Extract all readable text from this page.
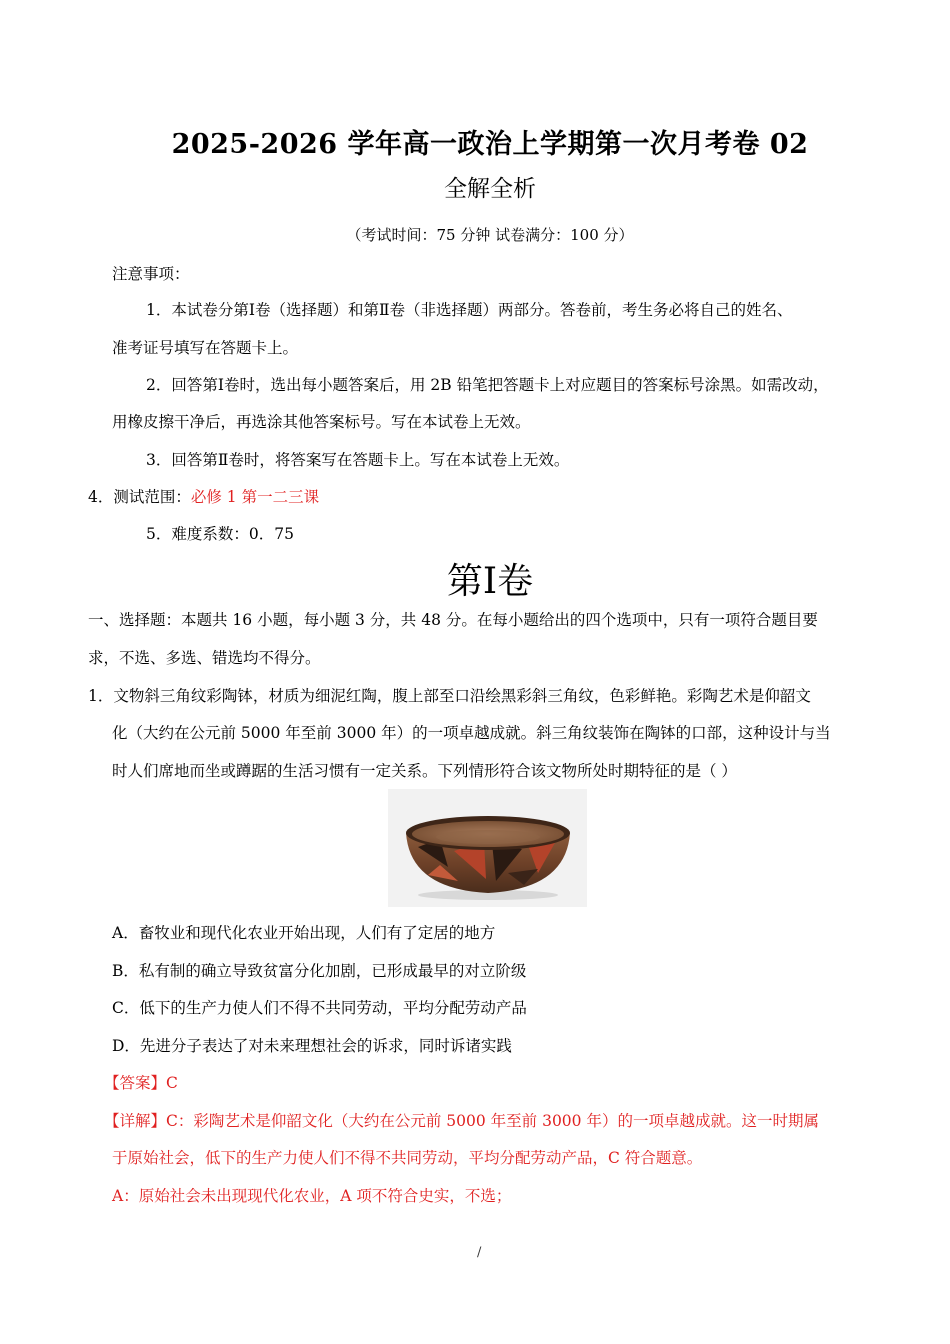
2025-2026 学年高一政治上学期第一次月考卷 02
全解全析
（考试时间：75 分钟 试卷满分：100 分）
注意事项：
1．本试卷分第Ⅰ卷（选择题）和第Ⅱ卷（非选择题）两部分。答卷前，考生务必将自己的姓名、
准考证号填写在答题卡上。
2．回答第Ⅰ卷时，选出每小题答案后，用 2B 铅笔把答题卡上对应题目的答案标号涂黑。如需改动，
用橡皮擦干净后，再选涂其他答案标号。写在本试卷上无效。
3．回答第Ⅱ卷时，将答案写在答题卡上。写在本试卷上无效。
4．测试范围：必修 1 第一二三课
5．难度系数：0．75
第Ⅰ卷
一、选择题：本题共 16 小题，每小题 3 分，共 48 分。在每小题给出的四个选项中，只有一项符合题目要
求，不选、多选、错选均不得分。
1．文物斜三角纹彩陶钵，材质为细泥红陶，腹上部至口沿绘黑彩斜三角纹，色彩鲜艳。彩陶艺术是仰韶文
化（大约在公元前 5000 年至前 3000 年）的一项卓越成就。斜三角纹装饰在陶钵的口部，这种设计与当
时人们席地而坐或蹲踞的生活习惯有一定关系。下列情形符合该文物所处时期特征的是（ ）
A．畜牧业和现代化农业开始出现，人们有了定居的地方
B．私有制的确立导致贫富分化加剧，已形成最早的对立阶级
C．低下的生产力使人们不得不共同劳动，平均分配劳动产品
D．先进分子表达了对未来理想社会的诉求，同时诉诸实践
【答案】C
【详解】C：彩陶艺术是仰韶文化（大约在公元前 5000 年至前 3000 年）的一项卓越成就。这一时期属
于原始社会，低下的生产力使人们不得不共同劳动，平均分配劳动产品，C 符合题意。
A：原始社会未出现现代化农业，A 项不符合史实，不选；
/
